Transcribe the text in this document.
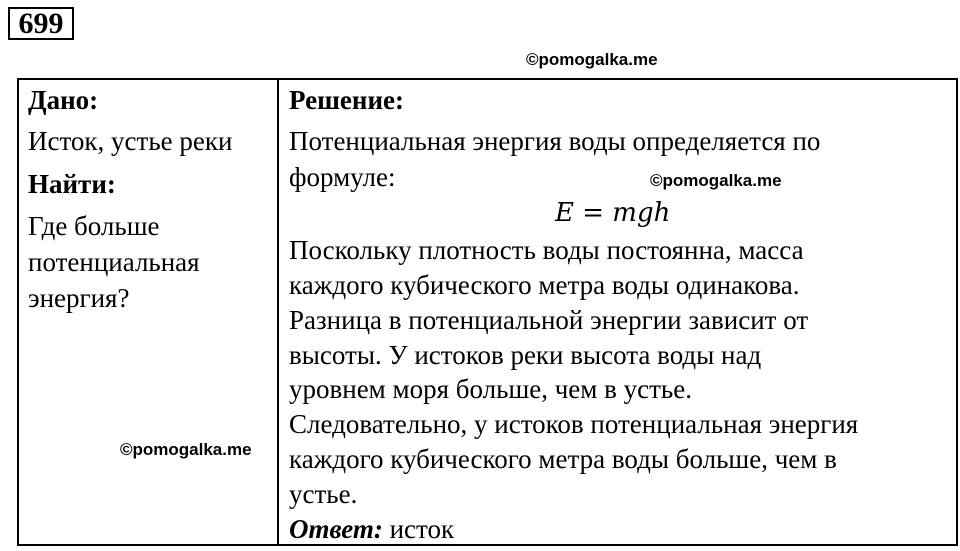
699
©pomogalka.me
Дано:
Исток, устье реки
Найти:
Где больше
потенциальная
энергия?
©pomogalka.me
Решение:
Потенциальная энергия воды определяется по
формуле:	©pomogalka.me
E = mgh
Поскольку плотность воды постоянна, масса
каждого кубического метра воды одинакова.
Разница в потенциальной энергии зависит от
высоты. У истоков реки высота воды над
уровнем моря больше, чем в устье.
Следовательно, у истоков потенциальная энергия
каждого кубического метра воды больше, чем в
устье.
Ответ: исток
